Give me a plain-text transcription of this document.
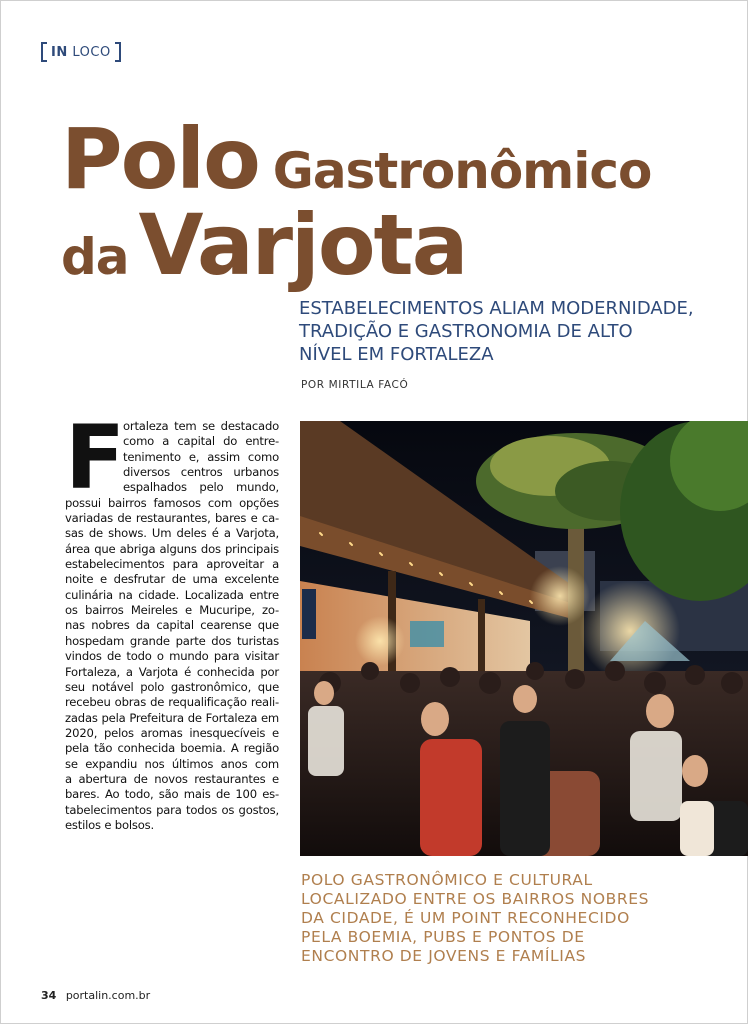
IN LOCO
Polo Gastronômico
da Varjota
ESTABELECIMENTOS ALIAM MODERNIDADE,
TRADIÇÃO E GASTRONOMIA DE ALTO
NÍVEL EM FORTALEZA
POR MIRTILA FACÓ
F
ortaleza tem se destacado
como a capital do entre-
tenimento e, assim como
diversos centros urbanos
espalhados pelo mundo,
possui bairros famosos com opções
variadas de restaurantes, bares e ca-
sas de shows. Um deles é a Varjota,
área que abriga alguns dos principais
estabelecimentos para aproveitar a
noite e desfrutar de uma excelente
culinária na cidade. Localizada entre
os bairros Meireles e Mucuripe, zo-
nas nobres da capital cearense que
hospedam grande parte dos turistas
vindos de todo o mundo para visitar
Fortaleza, a Varjota é conhecida por
seu notável polo gastronômico, que
recebeu obras de requalificação reali-
zadas pela Prefeitura de Fortaleza em
2020, pelos aromas inesquecíveis e
pela tão conhecida boemia. A região
se expandiu nos últimos anos com
a abertura de novos restaurantes e
bares. Ao todo, são mais de 100 es-
tabelecimentos para todos os gostos,
estilos e bolsos.
POLO GASTRONÔMICO E CULTURAL
LOCALIZADO ENTRE OS BAIRROS NOBRES
DA CIDADE, É UM POINT RECONHECIDO
PELA BOEMIA, PUBS E PONTOS DE
ENCONTRO DE JOVENS E FAMÍLIAS
34 portalin.com.br
